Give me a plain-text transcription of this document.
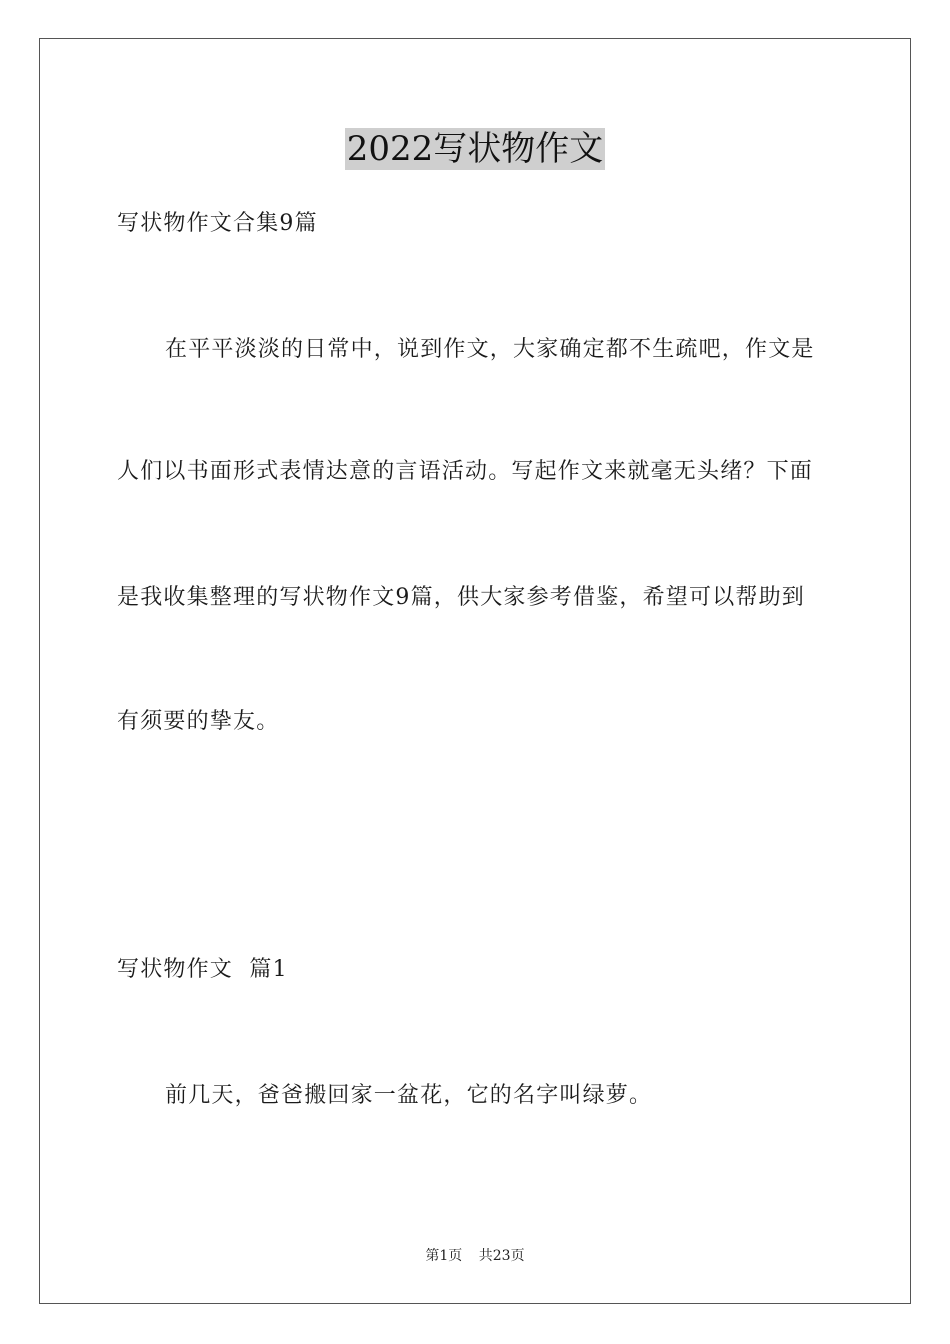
2022写状物作文
写状物作文合集9篇
在平平淡淡的日常中，说到作文，大家确定都不生疏吧，作文是
人们以书面形式表情达意的言语活动。写起作文来就毫无头绪？下面
是我收集整理的写状物作文9篇，供大家参考借鉴，希望可以帮助到
有须要的挚友。
写状物作文  篇1
前几天，爸爸搬回家一盆花，它的名字叫绿萝。
第1页 共23页
